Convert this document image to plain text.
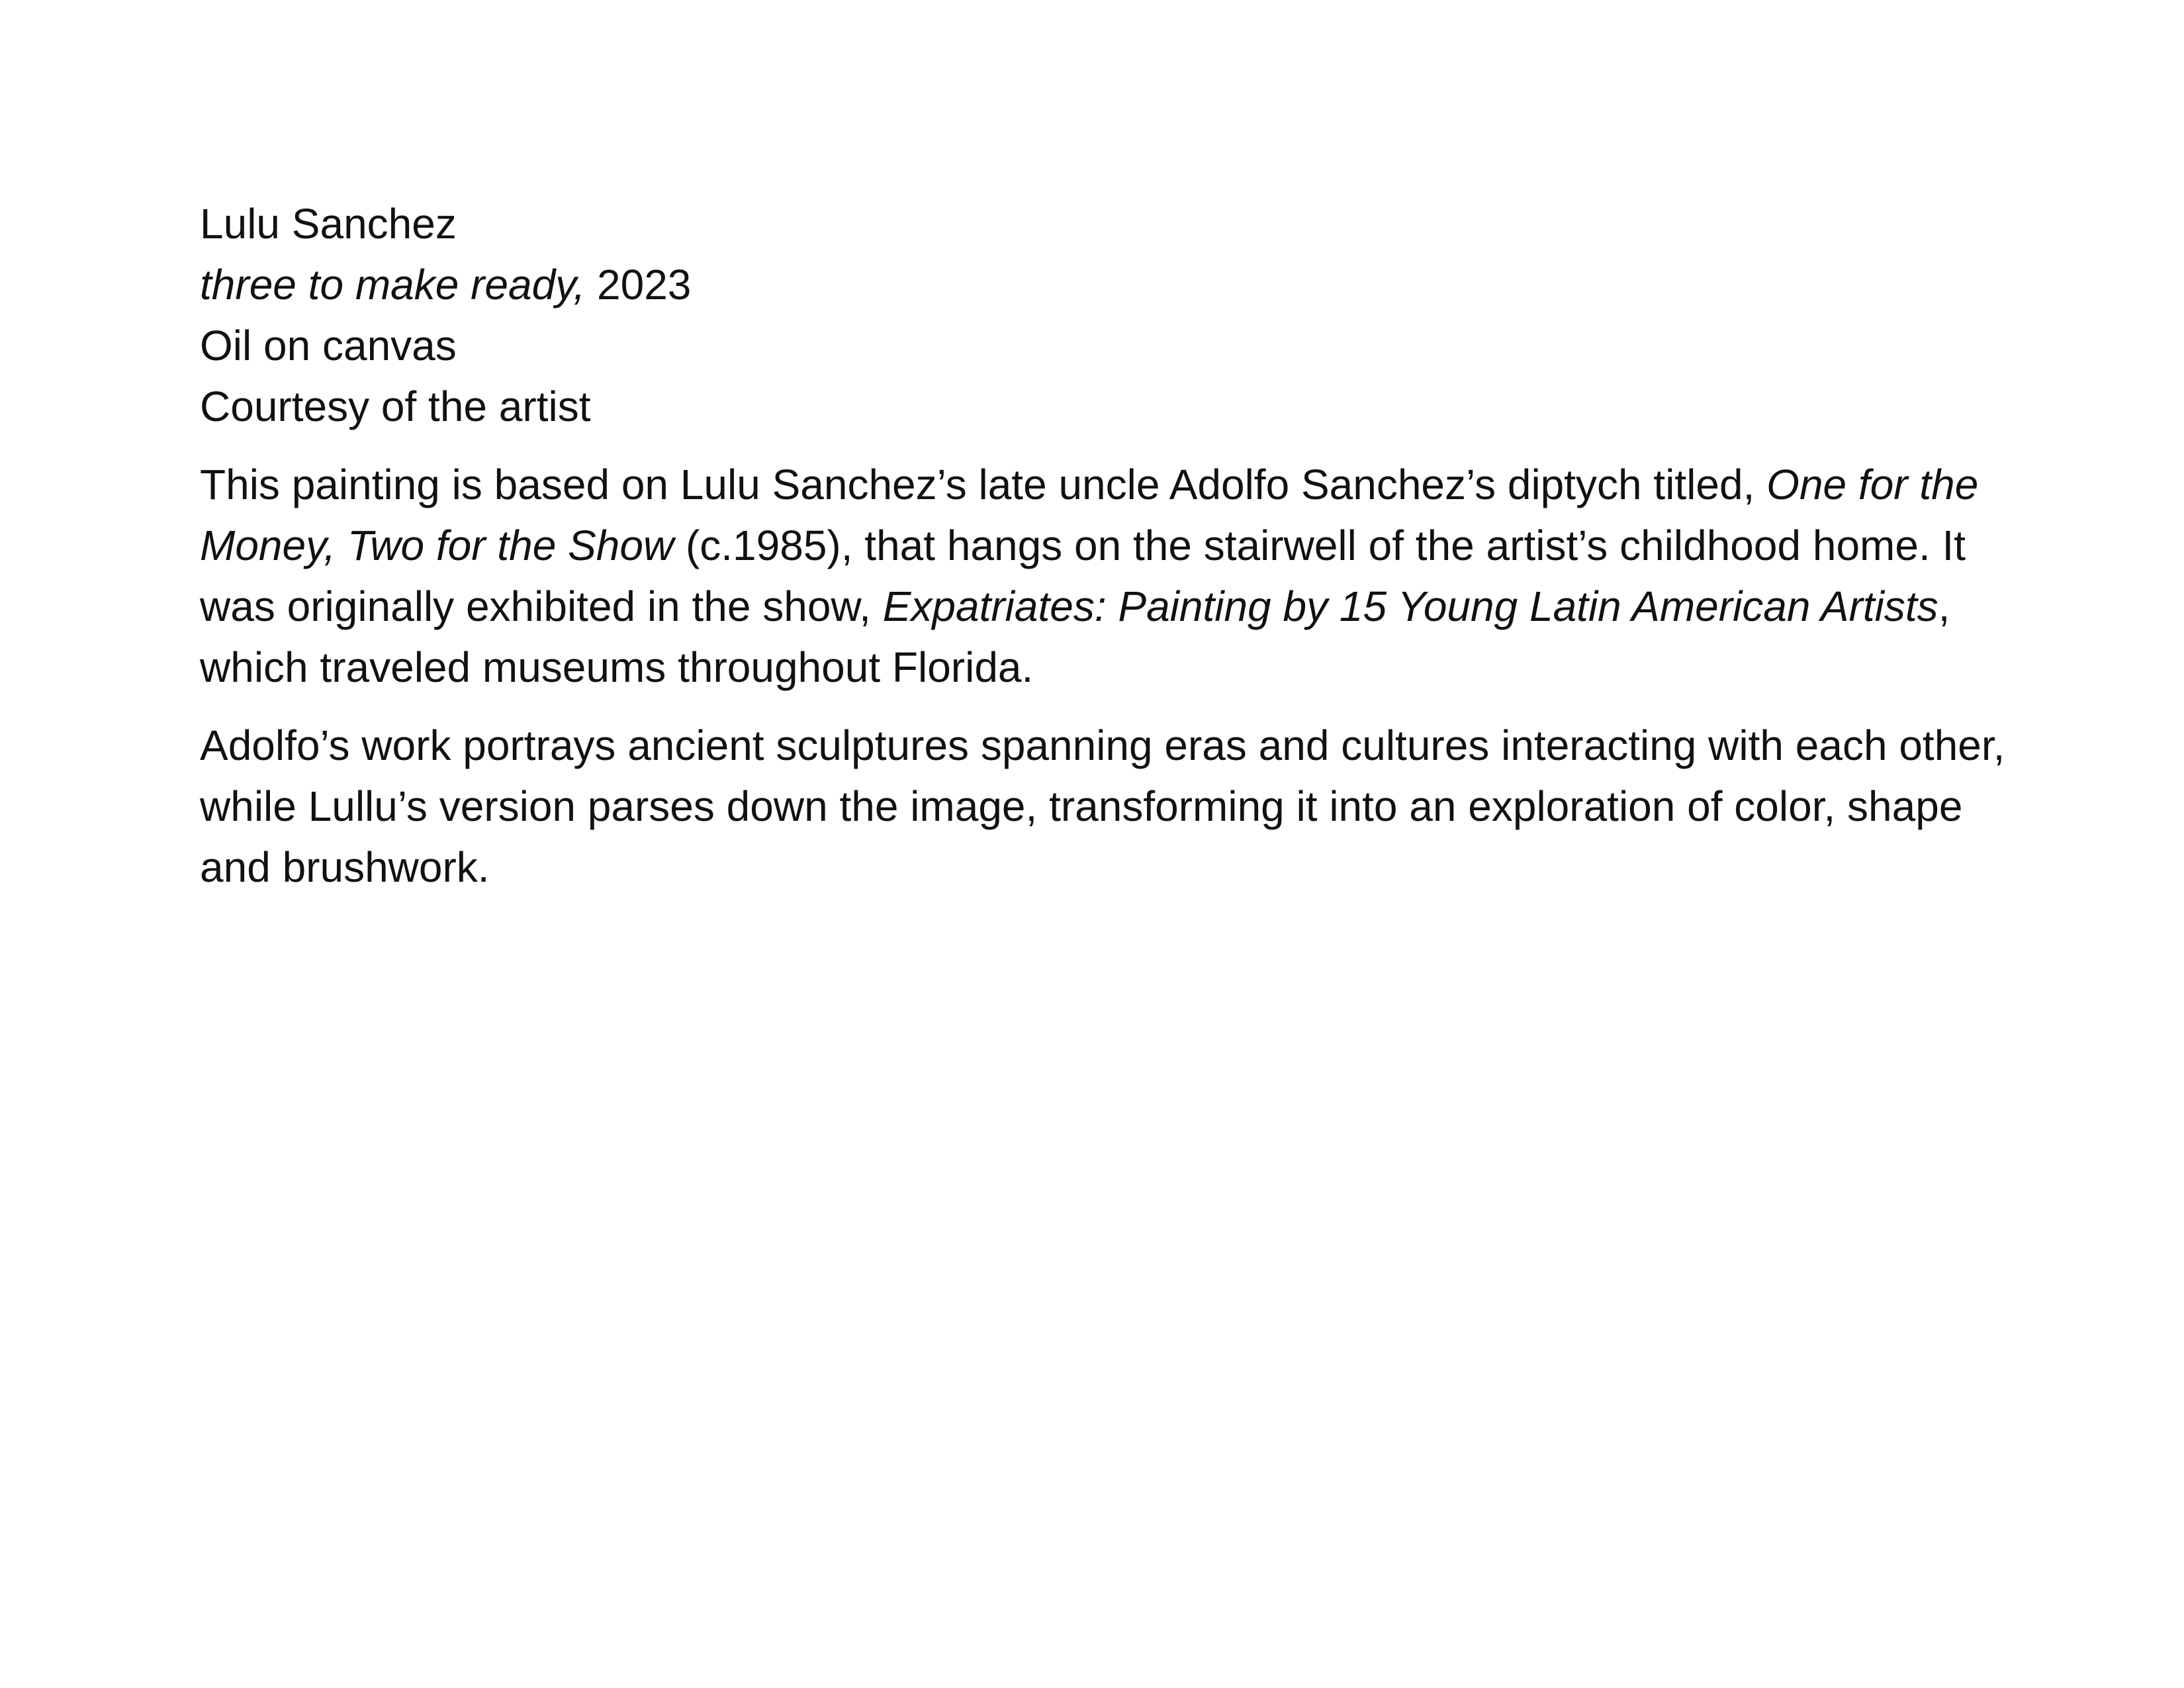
Lulu Sanchez
three to make ready, 2023
Oil on canvas
Courtesy of the artist

This painting is based on Lulu Sanchez’s late uncle Adolfo Sanchez’s diptych titled, One for the Money, Two for the Show (c.1985), that hangs on the stairwell of the artist’s childhood home. It was originally exhibited in the show, Expatriates: Painting by 15 Young Latin American Artists, which traveled museums throughout Florida.

Adolfo’s work portrays ancient sculptures spanning eras and cultures interacting with each other, while Lullu’s version parses down the image, transforming it into an exploration of color, shape and brushwork.
